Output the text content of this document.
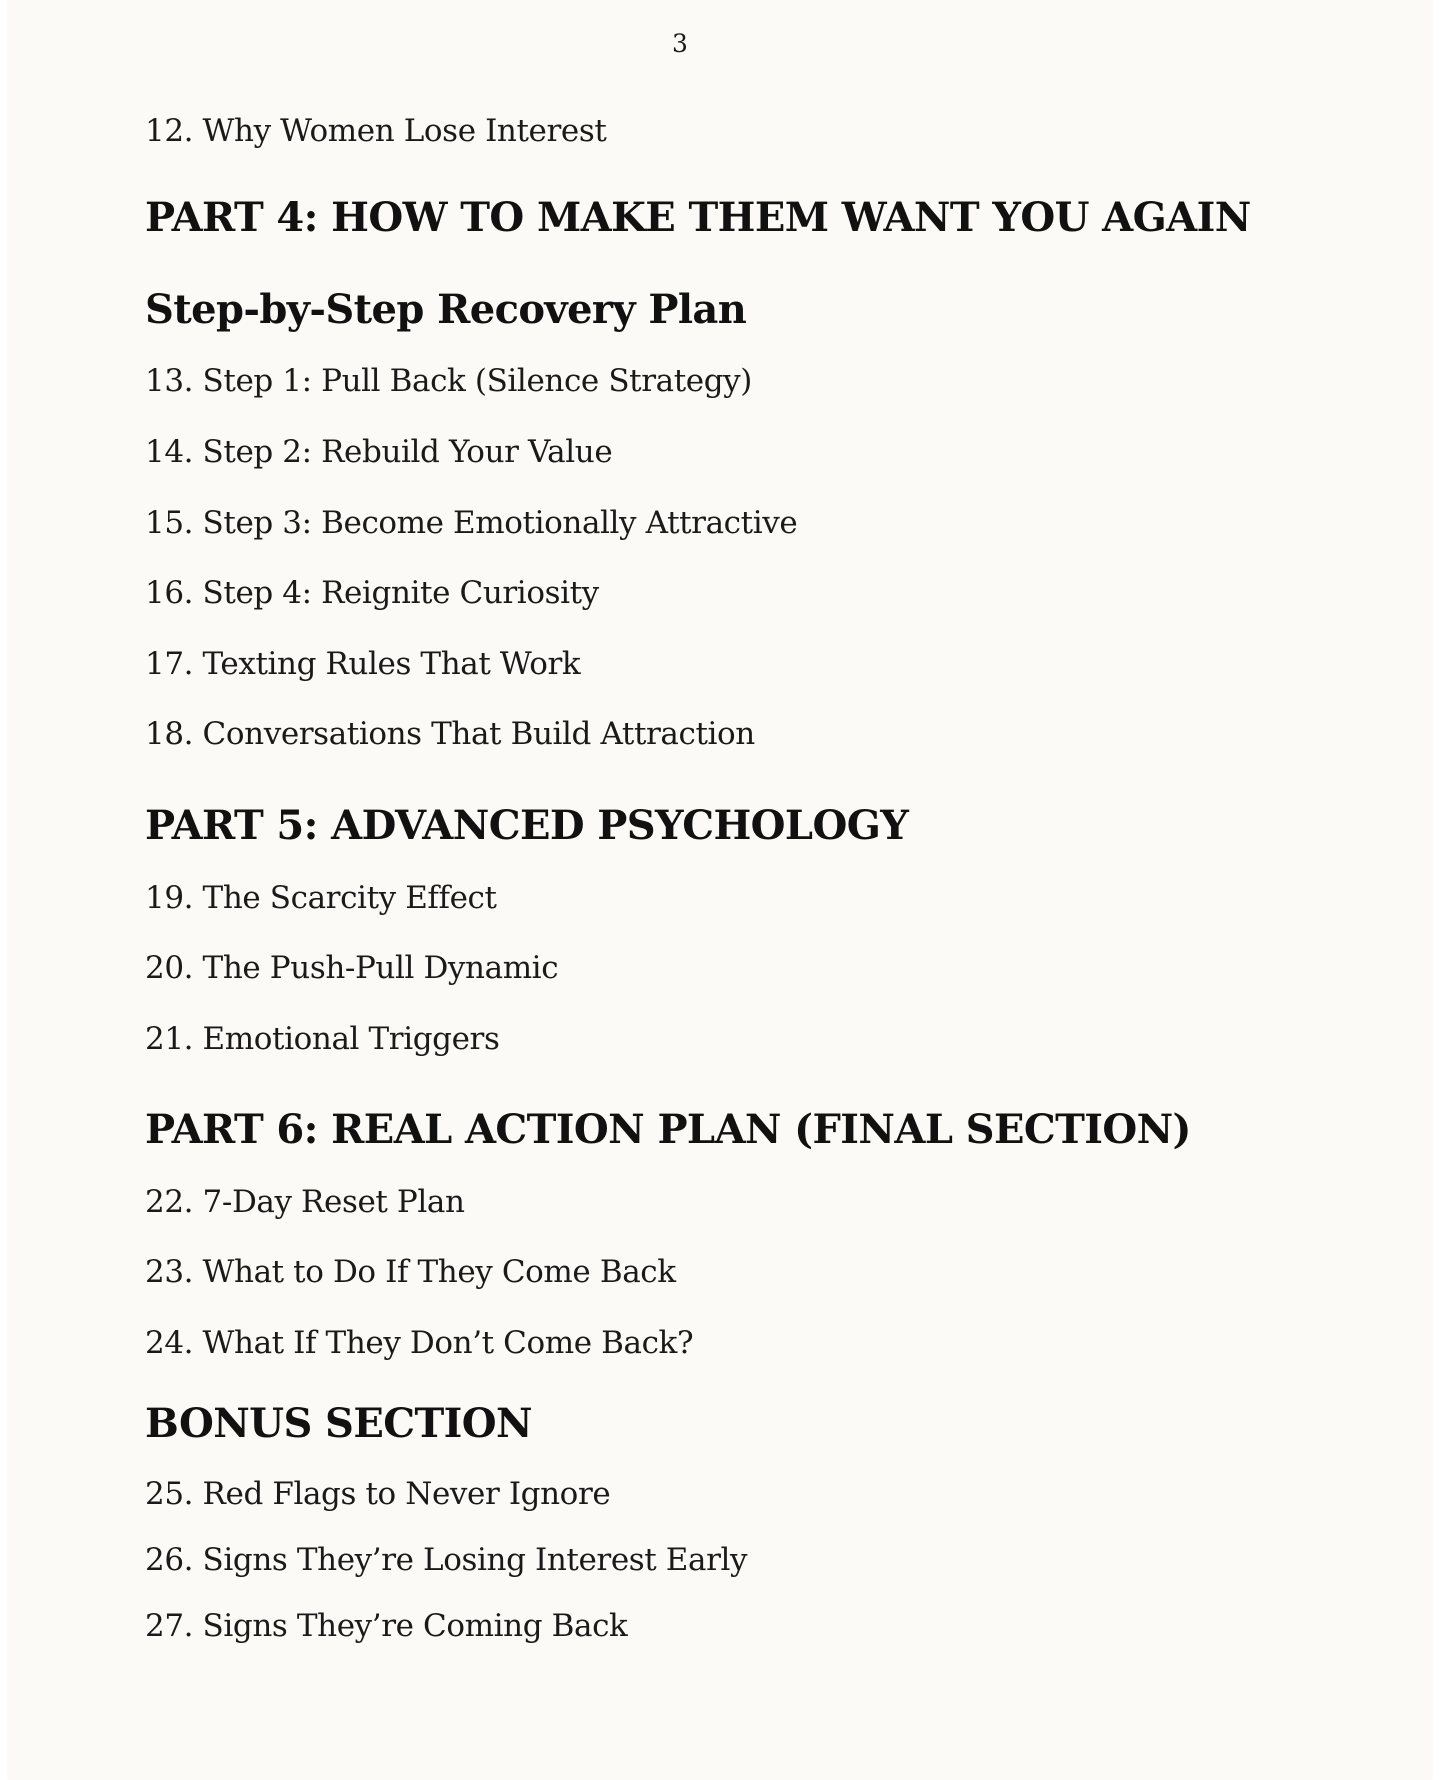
3
12. Why Women Lose Interest
PART 4: HOW TO MAKE THEM WANT YOU AGAIN
Step-by-Step Recovery Plan
13. Step 1: Pull Back (Silence Strategy)
14. Step 2: Rebuild Your Value
15. Step 3: Become Emotionally Attractive
16. Step 4: Reignite Curiosity
17. Texting Rules That Work
18. Conversations That Build Attraction
PART 5: ADVANCED PSYCHOLOGY
19. The Scarcity Effect
20. The Push-Pull Dynamic
21. Emotional Triggers
PART 6: REAL ACTION PLAN (FINAL SECTION)
22. 7-Day Reset Plan
23. What to Do If They Come Back
24. What If They Don’t Come Back?
BONUS SECTION
25. Red Flags to Never Ignore
26. Signs They’re Losing Interest Early
27. Signs They’re Coming Back
